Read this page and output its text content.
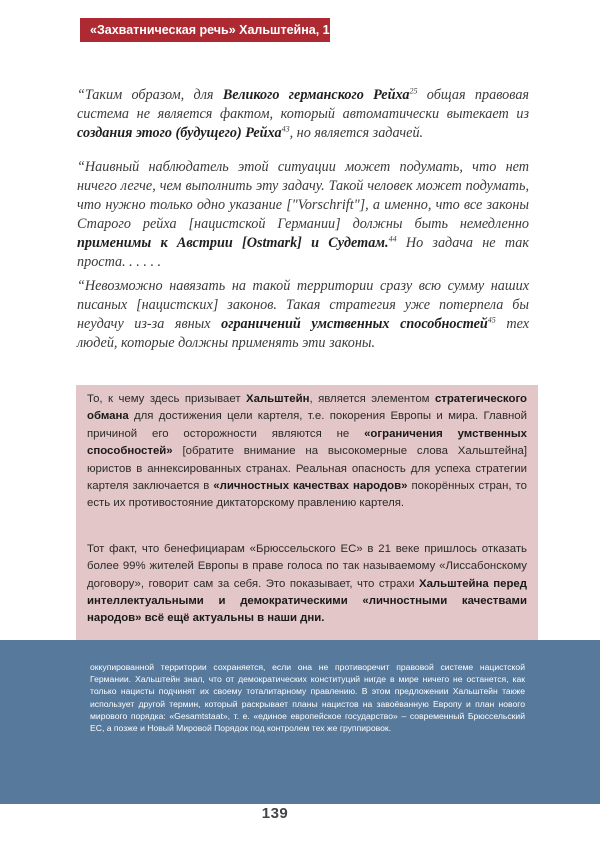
«Захватническая речь» Хальштейна, 1939 г.
“Таким образом, для Великого германского Рейха$^{25}$ общая правовая система не является фактом, который автоматически вытекает из создания этого (будущего) Рейха$^{43}$, но является задачей.
“Наивный наблюдатель этой ситуации может подумать, что нет ничего легче, чем выполнить эту задачу. Такой человек может подумать, что нужно только одно указание ["Vorschrift"], а именно, что все законы Старого рейха [нацистской Германии] должны быть немедленно применимы к Австрии [Ostmark] и Судетам.$^{44}$ Но задача не так проста. . . . . .
“Невозможно навязать на такой территории сразу всю сумму наших писаных [нацистских] законов. Такая стратегия уже потерпела бы неудачу из-за явных ограничений умственных способностей$^{45}$ тех людей, которые должны применять эти законы.

То, к чему здесь призывает Хальштейн, является элементом стратегического обмана для достижения цели картеля, т.е. покорения Европы и мира. Главной причиной его осторожности являются не «ограничения умственных способностей» [обратите внимание на высокомерные слова Хальштейна] юристов в аннексированных странах. Реальная опасность для успеха стратегии картеля заключается в «личностных качествах народов» покорённых стран, то есть их противостояние диктаторскому правлению картеля.

Тот факт, что бенефициарам «Брюссельского ЕС» в 21 веке пришлось отказать более 99% жителей Европы в праве голоса по так называемому «Лиссабонскому договору», говорит сам за себя. Это показывает, что страхи Хальштейна перед интеллектуальными и демократическими «личностными качествами народов» всё ещё актуальны в наши дни.

оккупированной территории сохраняется, если она не противоречит правовой системе нацистской Германии. Хальштейн знал, что от демократических конституций нигде в мире ничего не останется, как только нацисты подчинят их своему тоталитарному правлению. В этом предложении Хальштейн также использует другой термин, который раскрывает планы нацистов на завоёванную Европу и план нового мирового порядка: «Gesamtstaat», т. е. «единое европейское государство» – современный Брюссельский ЕС, а позже и Новый Мировой Порядок под контролем тех же группировок.

139
